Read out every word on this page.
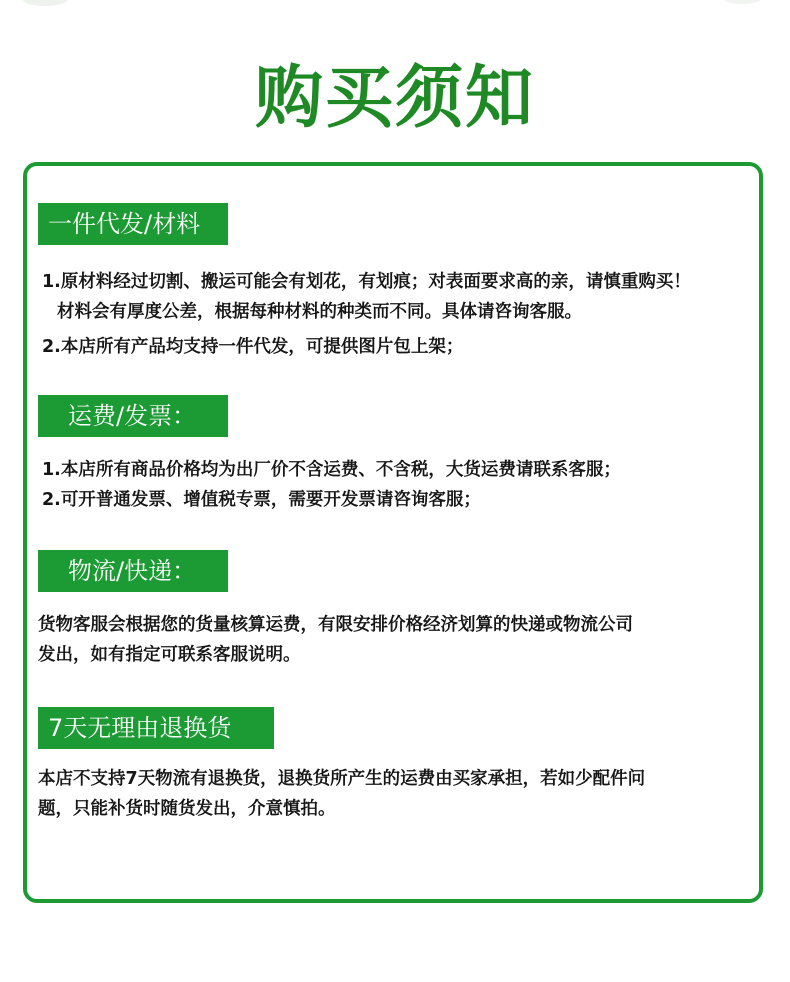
购买须知
一件代发/材料
1.原材料经过切割、搬运可能会有划花，有划痕；对表面要求高的亲，请慎重购买！
材料会有厚度公差，根据每种材料的种类而不同。具体请咨询客服。
2.本店所有产品均支持一件代发，可提供图片包上架；
运费/发票：
1.本店所有商品价格均为出厂价不含运费、不含税，大货运费请联系客服；
2.可开普通发票、增值税专票，需要开发票请咨询客服；
物流/快递：
货物客服会根据您的货量核算运费，有限安排价格经济划算的快递或物流公司
发出，如有指定可联系客服说明。
7天无理由退换货
本店不支持7天物流有退换货，退换货所产生的运费由买家承担，若如少配件问
题，只能补货时随货发出，介意慎拍。
